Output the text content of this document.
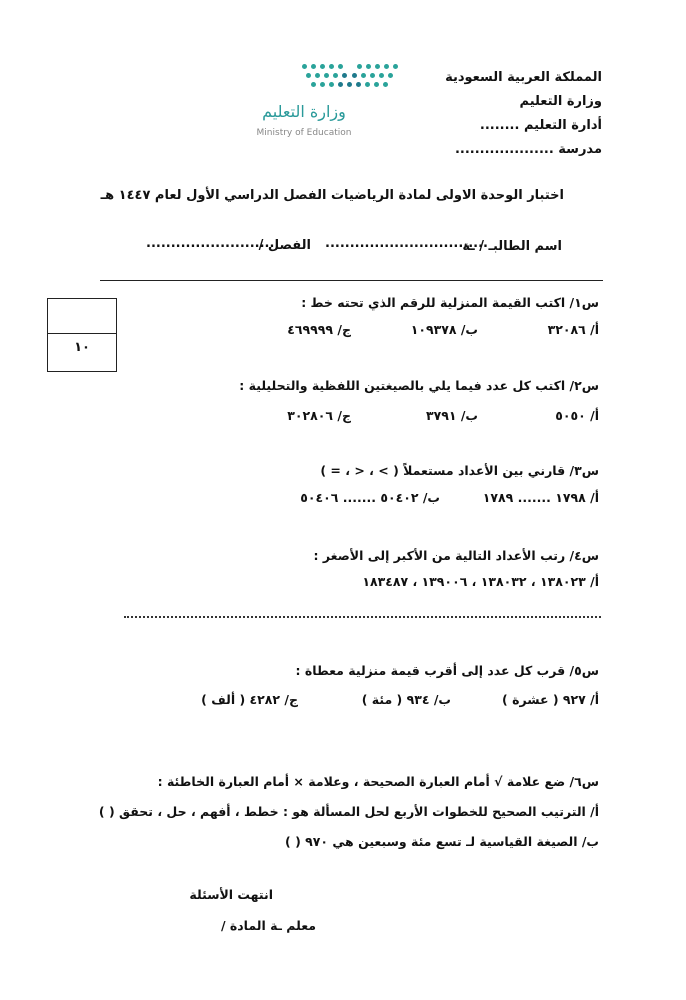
وزارة التعليم
Ministry of Education
المملكة العربية السعودية
وزارة التعليم
أدارة التعليم ........
مدرسة ....................
اختبار الوحدة الاولى لمادة الرياضيات الفصل الدراسي الأول لعام ١٤٤٧ هـ
اسم الطالبـ / ـة
.................................
الفصل /
..........................
١٠
س١/ اكتب القيمة المنزلية للرقم الذي تحته خط :
أ/ ٣٢٠٨٦
ب/ ١٠٩٣٧٨
ج/ ٤٦٩٩٩٩
س٢/ اكتب كل عدد فيما يلي بالصيغتين اللفظية والتحليلية :
أ/ ٥٠٥٠
ب/ ٣٧٩١
ج/ ٣٠٢٨٠٦
س٣/ قارني بين الأعداد مستعملاً ( > ، < ، = )
أ/ ١٧٩٨ ....... ١٧٨٩
ب/ ٥٠٤٠٢ ....... ٥٠٤٠٦
س٤/ رتب الأعداد التالية من الأكبر إلى الأصغر :
أ/ ١٣٨٠٢٣ ، ١٣٨٠٣٢ ، ١٣٩٠٠٦ ، ١٨٣٤٨٧
س٥/ قرب كل عدد إلى أقرب قيمة منزلية معطاة :
أ/ ٩٢٧ ( عشرة )
ب/ ٩٣٤ ( مئة )
ج/ ٤٢٨٢ ( ألف )
س٦/ ضع علامة √ أمام العبارة الصحيحة ، وعلامة × أمام العبارة الخاطئة :
أ/ الترتيب الصحيح للخطوات الأربع لحل المسألة هو : خطط ، أفهم ، حل ، تحقق ( )
ب/ الصيغة القياسية لـ تسع مئة وسبعين هي ٩٧٠ ( )
انتهت الأسئلة
معلم ـة المادة /
